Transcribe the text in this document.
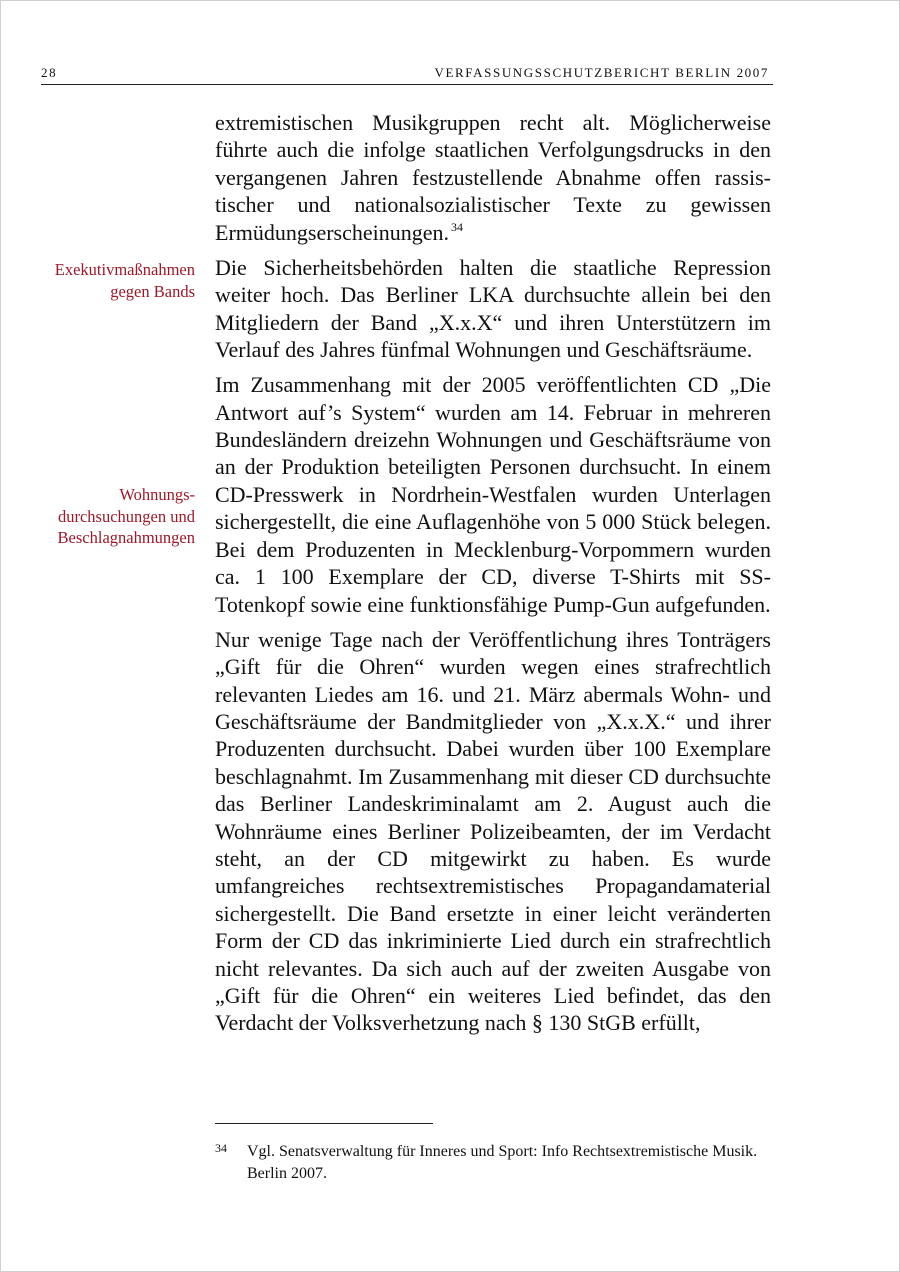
28	VERFASSUNGSSCHUTZBERICHT BERLIN 2007
Exekutivmaßnahmen
gegen Bands
Wohnungs-
durchsuchungen und
Beschlagnahmungen

extremistischen Musikgruppen recht alt. Möglicherweise führte auch die infolge staatlichen Verfolgungsdrucks in den vergangenen Jahren festzustellende Abnahme offen rassistischer und nationalsozialistischer Texte zu gewissen Ermüdungserscheinungen. $^{34}$

Die Sicherheitsbehörden halten die staatliche Repression weiter hoch. Das Berliner LKA durchsuchte allein bei den Mitgliedern der Band „X.x.X“ und ihren Unterstützern im Verlauf des Jahres fünfmal Wohnungen und Geschäftsräume.

Im Zusammenhang mit der 2005 veröffentlichten CD „Die Antwort auf’s System“ wurden am 14. Februar in mehreren Bundesländern dreizehn Wohnungen und Geschäftsräume von an der Produktion beteiligten Personen durchsucht. In einem CD-Presswerk in Nordrhein-Westfalen wurden Unterlagen sichergestellt, die eine Auflagenhöhe von 5 000 Stück belegen. Bei dem Produzenten in Mecklenburg-Vorpommern wurden ca. 1 100 Exemplare der CD, diverse T-Shirts mit SS-Totenkopf sowie eine funktionsfähige Pump-Gun aufgefunden.

Nur wenige Tage nach der Veröffentlichung ihres Tonträgers „Gift für die Ohren“ wurden wegen eines strafrechtlich relevanten Liedes am 16. und 21. März abermals Wohn- und Geschäftsräume der Bandmitglieder von „X.x.X.“ und ihrer Produzenten durchsucht. Dabei wurden über 100 Exemplare beschlagnahmt. Im Zusammenhang mit dieser CD durchsuchte das Berliner Landeskriminalamt am 2. August auch die Wohnräume eines Berliner Polizeibeamten, der im Verdacht steht, an der CD mitgewirkt zu haben. Es wurde umfangreiches rechtsextremistisches Propagandamaterial sichergestellt. Die Band ersetzte in einer leicht veränderten Form der CD das inkriminierte Lied durch ein strafrechtlich nicht relevantes. Da sich auch auf der zweiten Ausgabe von „Gift für die Ohren“ ein weiteres Lied befindet, das den Verdacht der Volksverhetzung nach § 130 StGB erfüllt,

34 Vgl. Senatsverwaltung für Inneres und Sport: Info Rechtsextremistische Musik. Berlin 2007.
